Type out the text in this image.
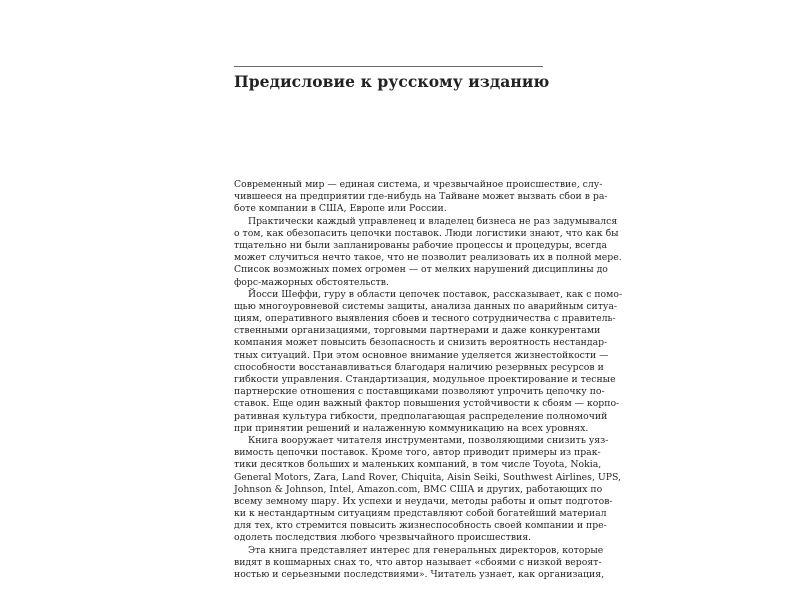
Предисловие к русскому изданию
Современный мир — единая система, и чрезвычайное происшествие, слу-
чившееся на предприятии где-нибудь на Тайване может вызвать сбои в ра-
боте компании в США, Европе или России.
Практически каждый управленец и владелец бизнеса не раз задумывался
о том, как обезопасить цепочки поставок. Люди логистики знают, что как бы
тщательно ни были запланированы рабочие процессы и процедуры, всегда
может случиться нечто такое, что не позволит реализовать их в полной мере.
Список возможных помех огромен — от мелких нарушений дисциплины до
форс-мажорных обстоятельств.
Йосси Шеффи, гуру в области цепочек поставок, рассказывает, как с помо-
щью многоуровневой системы защиты, анализа данных по аварийным ситуа-
циям, оперативного выявления сбоев и тесного сотрудничества с правитель-
ственными организациями, торговыми партнерами и даже конкурентами
компания может повысить безопасность и снизить вероятность нестандар-
тных ситуаций. При этом основное внимание уделяется жизнестойкости —
способности восстанавливаться благодаря наличию резервных ресурсов и
гибкости управления. Стандартизация, модульное проектирование и тесные
партнерские отношения с поставщиками позволяют упрочить цепочку по-
ставок. Еще один важный фактор повышения устойчивости к сбоям — корпо-
ративная культура гибкости, предполагающая распределение полномочий
при принятии решений и налаженную коммуникацию на всех уровнях.
Книга вооружает читателя инструментами, позволяющими снизить уяз-
вимость цепочки поставок. Кроме того, автор приводит примеры из прак-
тики десятков больших и маленьких компаний, в том числе Toyota, Nokia,
General Motors, Zara, Land Rover, Chiquita, Aisin Seiki, Southwest Airlines, UPS,
Johnson & Johnson, Intel, Amazon.com, ВМС США и других, работающих по
всему земному шару. Их успехи и неудачи, методы работы и опыт подготов-
ки к нестандартным ситуациям представляют собой богатейший материал
для тех, кто стремится повысить жизнеспособность своей компании и пре-
одолеть последствия любого чрезвычайного происшествия.
Эта книга представляет интерес для генеральных директоров, которые
видят в кошмарных снах то, что автор называет «сбоями с низкой вероят-
ностью и серьезными последствиями». Читатель узнает, как организация,
